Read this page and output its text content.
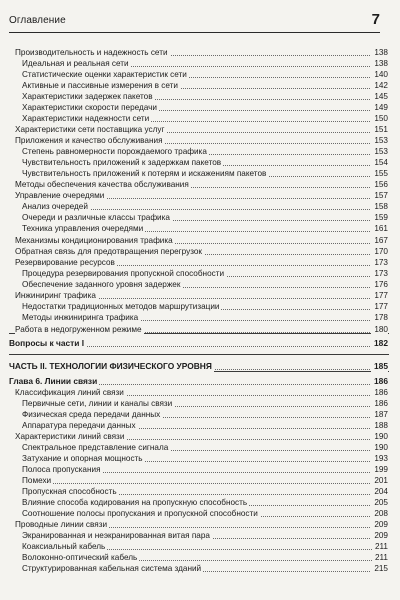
Оглавление	7
Производительность и надежность сети	138
Идеальная и реальная сети	138
Статистические оценки характеристик сети	140
Активные и пассивные измерения в сети	142
Характеристики задержек пакетов	145
Характеристики скорости передачи	149
Характеристики надежности сети	150
Характеристики сети поставщика услуг	151
Приложения и качество обслуживания	153
Степень равномерности порождаемого трафика	153
Чувствительность приложений к задержкам пакетов	154
Чувствительность приложений к потерям и искажениям пакетов	155
Методы обеспечения качества обслуживания	156
Управление очередями	157
Анализ очередей	158
Очереди и различные классы трафика	159
Техника управления очередями	161
Механизмы кондиционирования трафика	167
Обратная связь для предотвращения перегрузок	170
Резервирование ресурсов	173
Процедура резервирования пропускной способности	173
Обеспечение заданного уровня задержек	176
Инжиниринг трафика	177
Недостатки традиционных методов маршрутизации	177
Методы инжиниринга трафика	178
Работа в недогруженном режиме	180
Вопросы к части I	182
ЧАСТЬ II. ТЕХНОЛОГИИ ФИЗИЧЕСКОГО УРОВНЯ	185
Глава 6. Линии связи	186
Классификация линий связи	186
Первичные сети, линии и каналы связи	186
Физическая среда передачи данных	187
Аппаратура передачи данных	188
Характеристики линий связи	190
Спектральное представление сигнала	190
Затухание и опорная мощность	193
Полоса пропускания	199
Помехи	201
Пропускная способность	204
Влияние способа кодирования на пропускную способность	205
Соотношение полосы пропускания и пропускной способности	208
Проводные линии связи	209
Экранированная и неэкранированная витая пара	209
Коаксиальный кабель	211
Волоконно-оптический кабель	211
Структурированная кабельная система зданий	215
